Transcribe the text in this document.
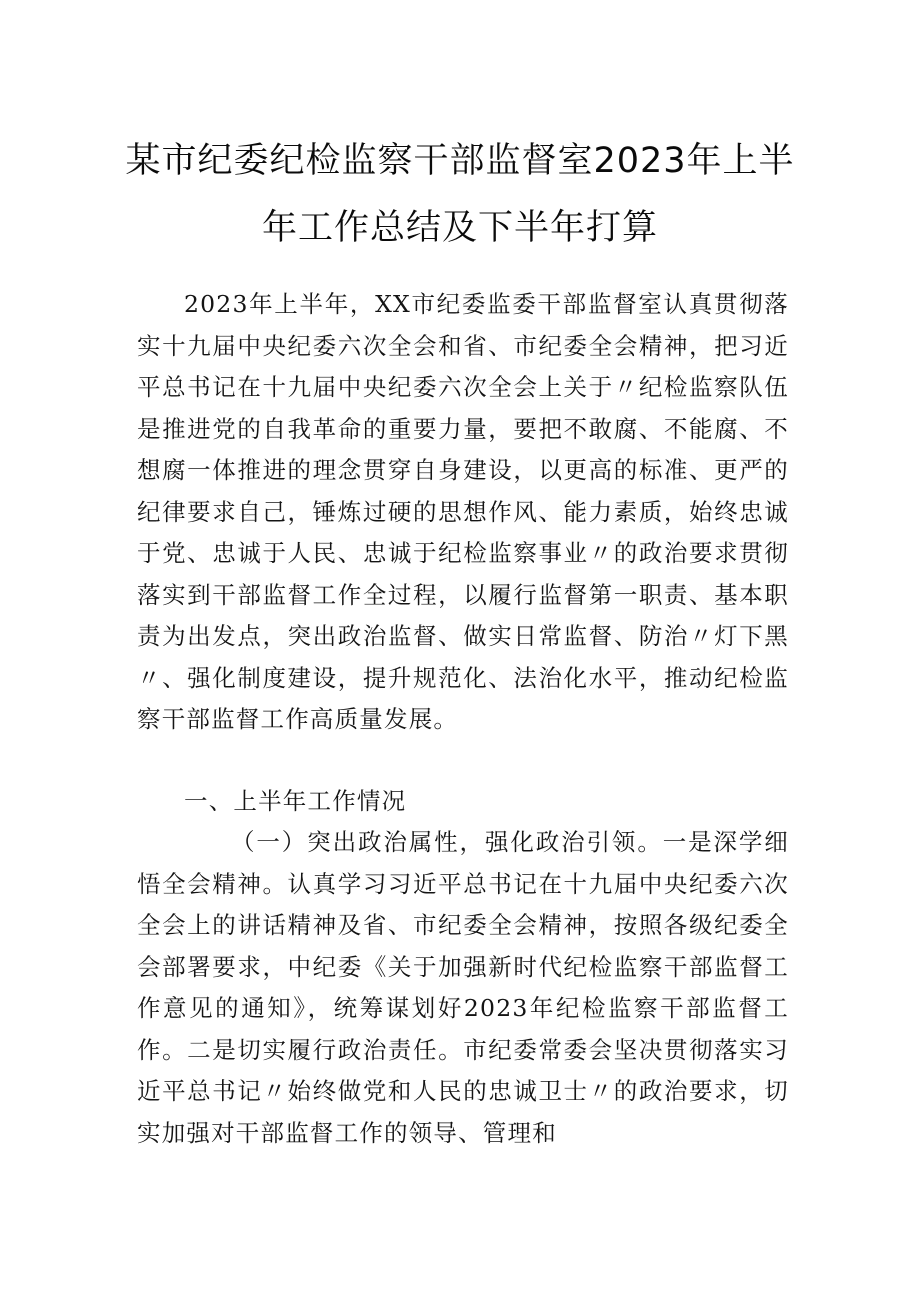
某市纪委纪检监察干部监督室2023年上半
年工作总结及下半年打算

2023年上半年，XX市纪委监委干部监督室认真贯彻落实十九届中央纪委六次全会和省、市纪委全会精神，把习近平总书记在十九届中央纪委六次全会上关于〃纪检监察队伍是推进党的自我革命的重要力量，要把不敢腐、不能腐、不想腐一体推进的理念贯穿自身建设，以更高的标准、更严的纪律要求自己，锤炼过硬的思想作风、能力素质，始终忠诚于党、忠诚于人民、忠诚于纪检监察事业〃的政治要求贯彻落实到干部监督工作全过程，以履行监督第一职责、基本职责为出发点，突出政治监督、做实日常监督、防治〃灯下黑〃、强化制度建设，提升规范化、法治化水平，推动纪检监察干部监督工作高质量发展。

一、上半年工作情况

（一）突出政治属性，强化政治引领。一是深学细悟全会精神。认真学习习近平总书记在十九届中央纪委六次全会上的讲话精神及省、市纪委全会精神，按照各级纪委全会部署要求，中纪委《关于加强新时代纪检监察干部监督工作意见的通知》，统筹谋划好2023年纪检监察干部监督工作。二是切实履行政治责任。市纪委常委会坚决贯彻落实习近平总书记〃始终做党和人民的忠诚卫士〃的政治要求，切实加强对干部监督工作的领导、管理和
